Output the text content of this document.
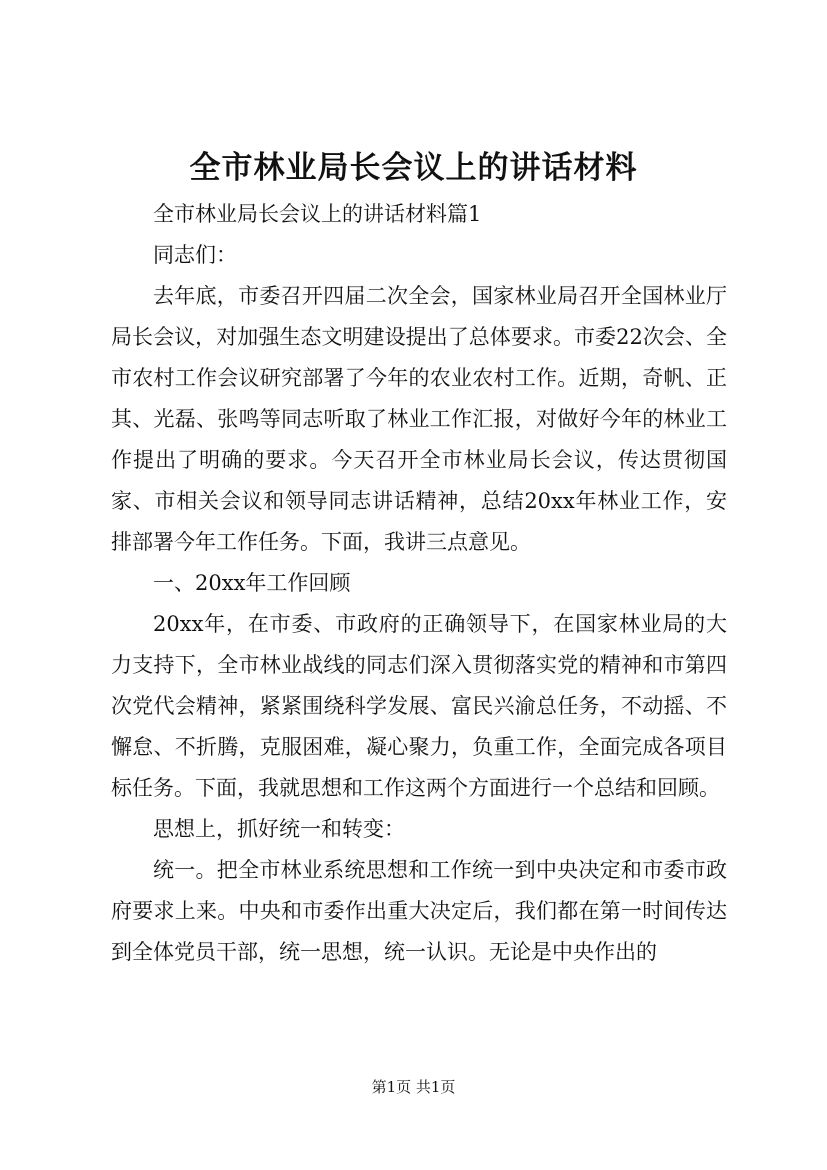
全市林业局长会议上的讲话材料

全市林业局长会议上的讲话材料篇1

同志们：

去年底，市委召开四届二次全会，国家林业局召开全国林业厅局长会议，对加强生态文明建设提出了总体要求。市委22次会、全市农村工作会议研究部署了今年的农业农村工作。近期，奇帆、正其、光磊、张鸣等同志听取了林业工作汇报，对做好今年的林业工作提出了明确的要求。今天召开全市林业局长会议，传达贯彻国家、市相关会议和领导同志讲话精神，总结20xx年林业工作，安排部署今年工作任务。下面，我讲三点意见。

一、20xx年工作回顾

20xx年，在市委、市政府的正确领导下，在国家林业局的大力支持下，全市林业战线的同志们深入贯彻落实党的精神和市第四次党代会精神，紧紧围绕科学发展、富民兴渝总任务，不动摇、不懈怠、不折腾，克服困难，凝心聚力，负重工作，全面完成各项目标任务。下面，我就思想和工作这两个方面进行一个总结和回顾。

思想上，抓好统一和转变：

统一。把全市林业系统思想和工作统一到中央决定和市委市政府要求上来。中央和市委作出重大决定后，我们都在第一时间传达到全体党员干部，统一思想，统一认识。无论是中央作出的

第1页 共1页
